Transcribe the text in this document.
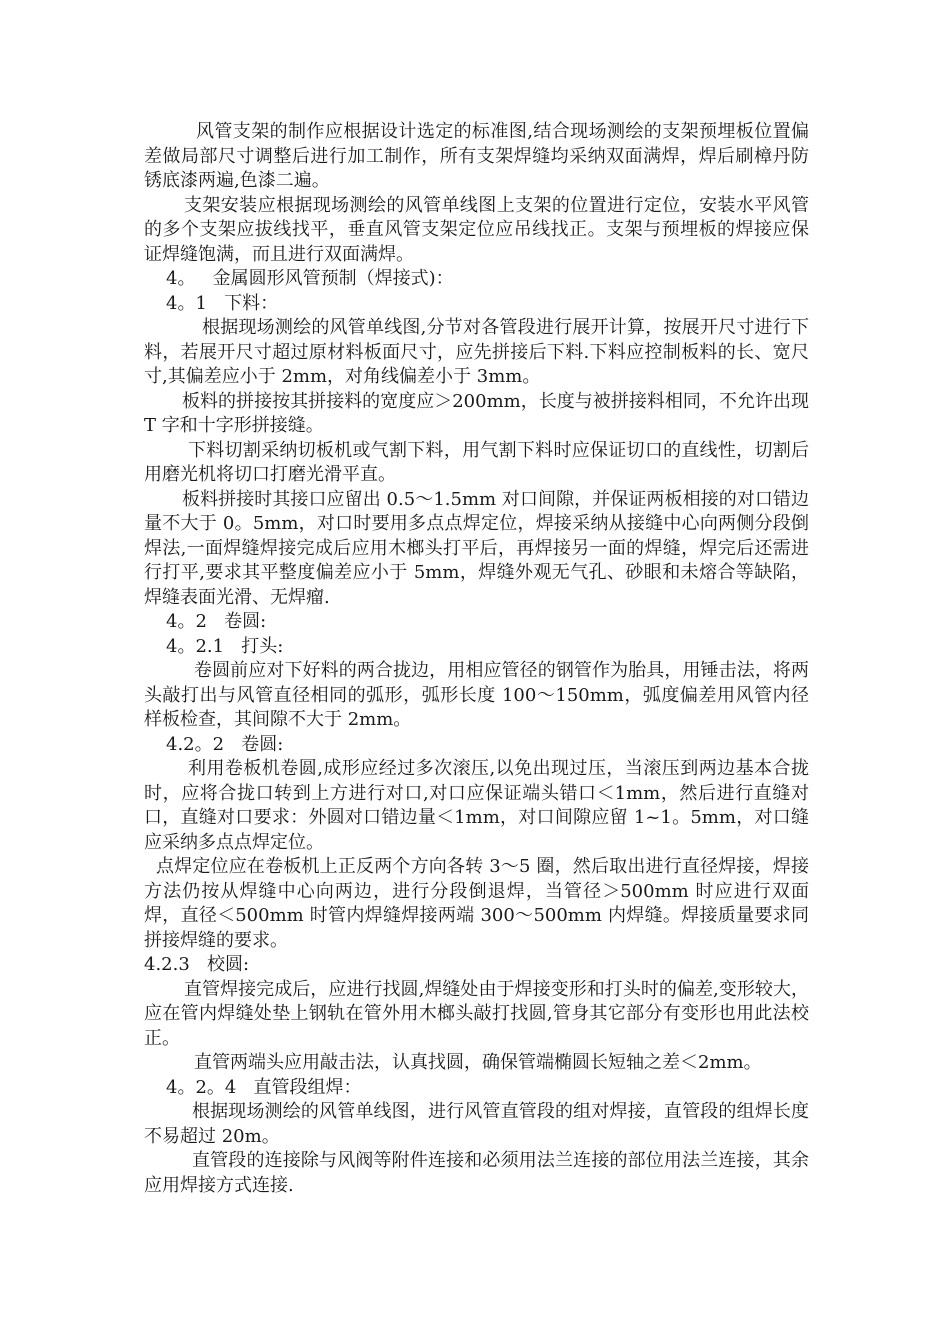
风管支架的制作应根据设计选定的标准图,结合现场测绘的支架预埋板位置偏差做局部尺寸调整后进行加工制作，所有支架焊缝均采纳双面满焊，焊后刷樟丹防锈底漆两遍,色漆二遍。

支架安装应根据现场测绘的风管单线图上支架的位置进行定位，安装水平风管的多个支架应拔线找平，垂直风管支架定位应吊线找正。支架与预埋板的焊接应保证焊缝饱满，而且进行双面满焊。

4。   金属圆形风管预制（焊接式)：

4。1   下料：

根据现场测绘的风管单线图,分节对各管段进行展开计算，按展开尺寸进行下料，若展开尺寸超过原材料板面尺寸，应先拼接后下料.下料应控制板料的长、宽尺寸,其偏差应小于 2mm，对角线偏差小于 3mm。

板料的拼接按其拼接料的宽度应＞200mm，长度与被拼接料相同，不允许出现 T 字和十字形拼接缝。

下料切割采纳切板机或气割下料，用气割下料时应保证切口的直线性，切割后用磨光机将切口打磨光滑平直。

板料拼接时其接口应留出 0.5～1.5mm 对口间隙，并保证两板相接的对口错边量不大于 0。5mm，对口时要用多点点焊定位，焊接采纳从接缝中心向两侧分段倒焊法,一面焊缝焊接完成后应用木榔头打平后，再焊接另一面的焊缝，焊完后还需进行打平,要求其平整度偏差应小于 5mm，焊缝外观无气孔、砂眼和未熔合等缺陷，焊缝表面光滑、无焊瘤.

4。2   卷圆:

4。2.1   打头:

卷圆前应对下好料的两合拢边，用相应管径的钢管作为胎具，用锤击法，将两头敲打出与风管直径相同的弧形，弧形长度 100～150mm，弧度偏差用风管内径样板检查，其间隙不大于 2mm。

4.2。2   卷圆:

利用卷板机卷圆,成形应经过多次滚压,以免出现过压，当滚压到两边基本合拢时，应将合拢口转到上方进行对口,对口应保证端头错口＜1mm，然后进行直缝对口，直缝对口要求：外圆对口错边量＜1mm，对口间隙应留 1~1。5mm，对口缝应采纳多点点焊定位。

点焊定位应在卷板机上正反两个方向各转 3～5 圈，然后取出进行直径焊接，焊接方法仍按从焊缝中心向两边，进行分段倒退焊，当管径＞500mm 时应进行双面焊，直径＜500mm 时管内焊缝焊接两端 300～500mm 内焊缝。焊接质量要求同拼接焊缝的要求。

4.2.3   校圆:

直管焊接完成后，应进行找圆,焊缝处由于焊接变形和打头时的偏差,变形较大，应在管内焊缝处垫上钢轨在管外用木榔头敲打找圆,管身其它部分有变形也用此法校正。

直管两端头应用敲击法，认真找圆，确保管端椭圆长短轴之差＜2mm。

4。2。4   直管段组焊：

根据现场测绘的风管单线图，进行风管直管段的组对焊接，直管段的组焊长度不易超过 20m。

直管段的连接除与风阀等附件连接和必须用法兰连接的部位用法兰连接，其余应用焊接方式连接.
